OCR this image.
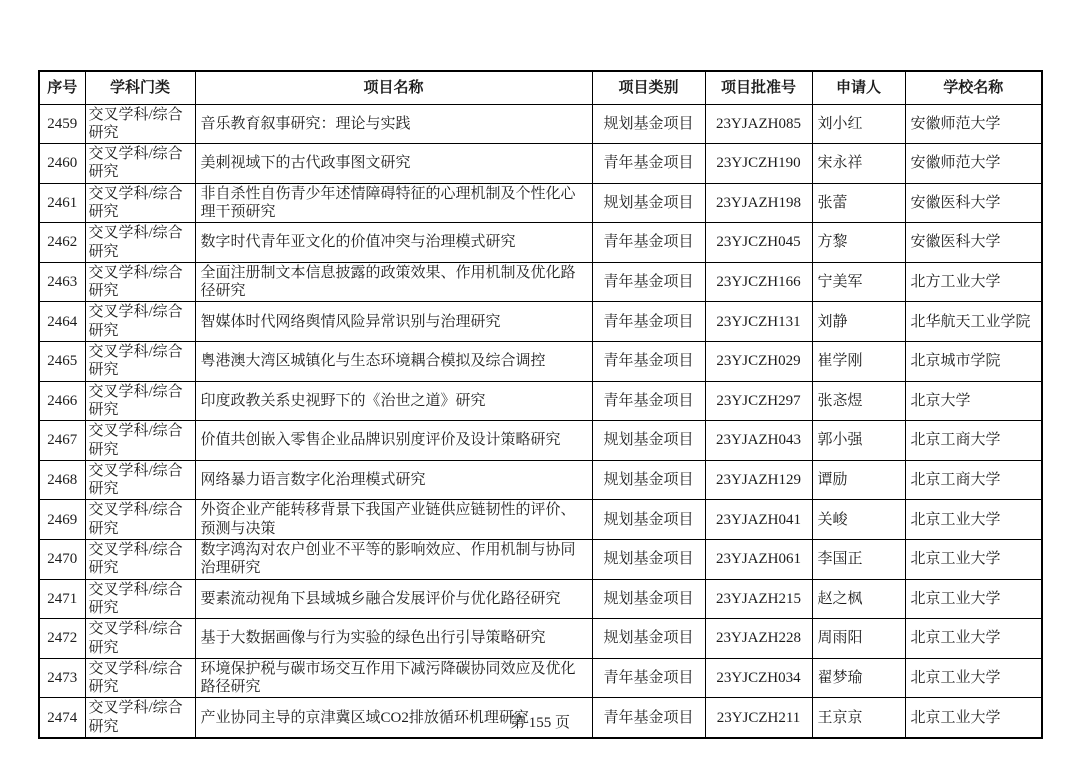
序号	学科门类	项目名称	项目类别	项目批准号	申请人	学校名称
2459	交叉学科/综合研究	音乐教育叙事研究：理论与实践	规划基金项目	23YJAZH085	刘小红	安徽师范大学
2460	交叉学科/综合研究	美刺视域下的古代政事图文研究	青年基金项目	23YJCZH190	宋永祥	安徽师范大学
2461	交叉学科/综合研究	非自杀性自伤青少年述情障碍特征的心理机制及个性化心理干预研究	规划基金项目	23YJAZH198	张蕾	安徽医科大学
2462	交叉学科/综合研究	数字时代青年亚文化的价值冲突与治理模式研究	青年基金项目	23YJCZH045	方黎	安徽医科大学
2463	交叉学科/综合研究	全面注册制文本信息披露的政策效果、作用机制及优化路径研究	青年基金项目	23YJCZH166	宁美军	北方工业大学
2464	交叉学科/综合研究	智媒体时代网络舆情风险异常识别与治理研究	青年基金项目	23YJCZH131	刘静	北华航天工业学院
2465	交叉学科/综合研究	粤港澳大湾区城镇化与生态环境耦合模拟及综合调控	青年基金项目	23YJCZH029	崔学刚	北京城市学院
2466	交叉学科/综合研究	印度政教关系史视野下的《治世之道》研究	青年基金项目	23YJCZH297	张忞煜	北京大学
2467	交叉学科/综合研究	价值共创嵌入零售企业品牌识别度评价及设计策略研究	规划基金项目	23YJAZH043	郭小强	北京工商大学
2468	交叉学科/综合研究	网络暴力语言数字化治理模式研究	规划基金项目	23YJAZH129	谭励	北京工商大学
2469	交叉学科/综合研究	外资企业产能转移背景下我国产业链供应链韧性的评价、预测与决策	规划基金项目	23YJAZH041	关峻	北京工业大学
2470	交叉学科/综合研究	数字鸿沟对农户创业不平等的影响效应、作用机制与协同治理研究	规划基金项目	23YJAZH061	李国正	北京工业大学
2471	交叉学科/综合研究	要素流动视角下县域城乡融合发展评价与优化路径研究	规划基金项目	23YJAZH215	赵之枫	北京工业大学
2472	交叉学科/综合研究	基于大数据画像与行为实验的绿色出行引导策略研究	规划基金项目	23YJAZH228	周雨阳	北京工业大学
2473	交叉学科/综合研究	环境保护税与碳市场交互作用下减污降碳协同效应及优化路径研究	青年基金项目	23YJCZH034	翟梦瑜	北京工业大学
2474	交叉学科/综合研究	产业协同主导的京津冀区域CO2排放循环机理研究	青年基金项目	23YJCZH211	王京京	北京工业大学
第 155 页
